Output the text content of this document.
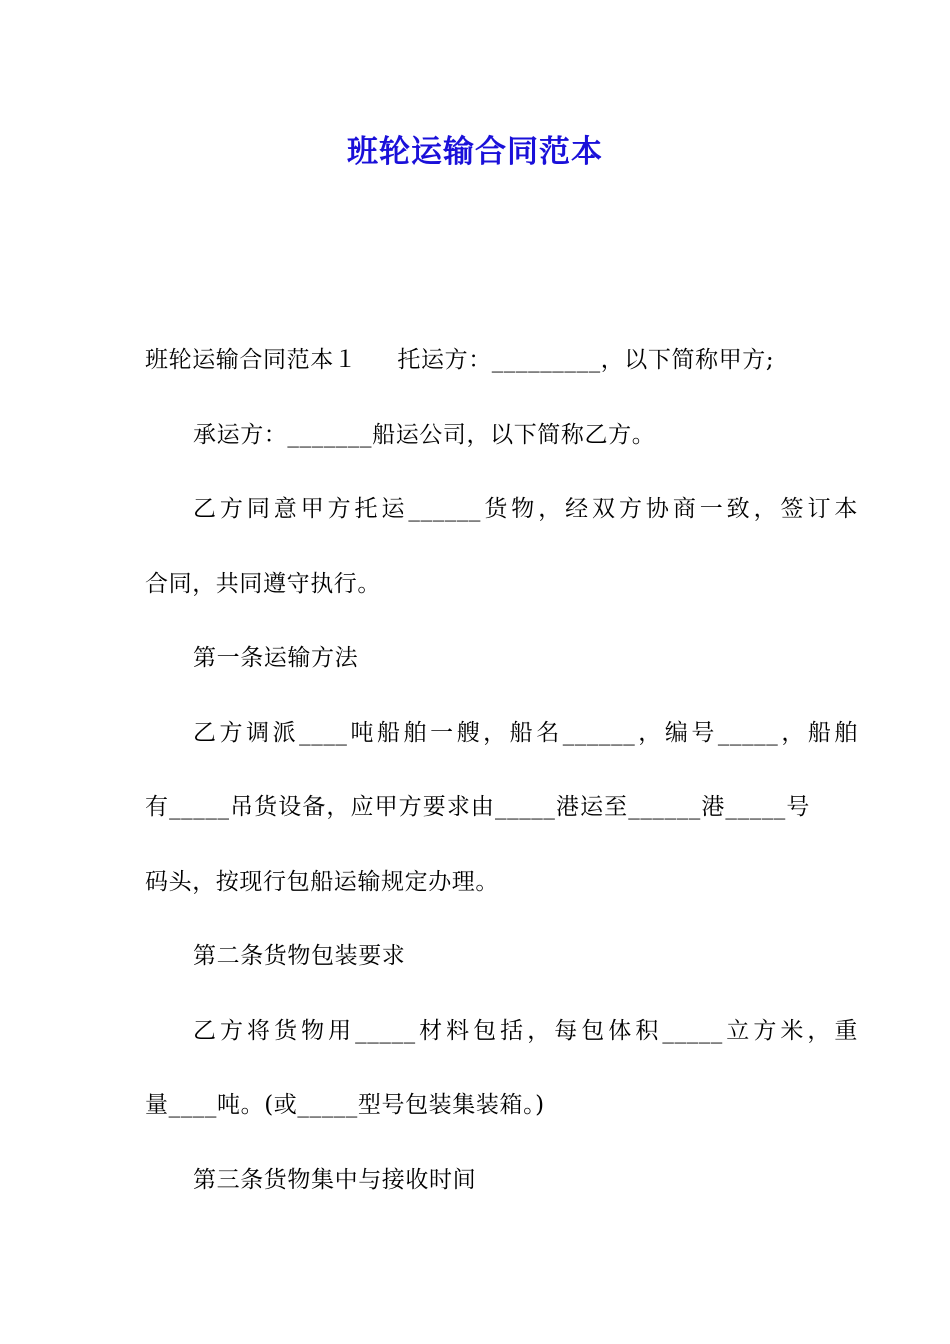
班轮运输合同范本

班轮运输合同范本１ 托运方：_________，以下简称甲方;

承运方：_______船运公司，以下简称乙方。

乙方同意甲方托运______货物，经双方协商一致，签订本

合同，共同遵守执行。

第一条运输方法

乙方调派____吨船舶一艘，船名______，编号_____，船舶

有_____吊货设备，应甲方要求由_____港运至______港_____号

码头，按现行包船运输规定办理。

第二条货物包装要求

乙方将货物用_____材料包括，每包体积_____立方米，重

量____吨。(或_____型号包装集装箱。)

第三条货物集中与接收时间
